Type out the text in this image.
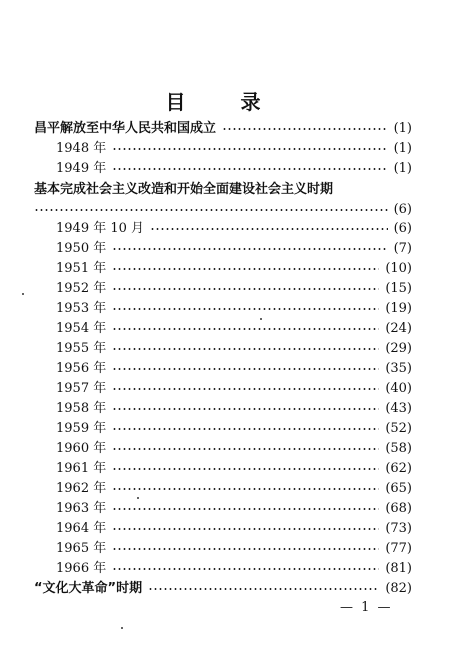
目 录
昌平解放至中华人民共和国成立	(1)
1948 年	(1)
1949 年	(1)
基本完成社会主义改造和开始全面建设社会主义时期
(6)
1949 年 10 月	(6)
1950 年	(7)
1951 年	(10)
1952 年	(15)
1953 年	(19)
1954 年	(24)
1955 年	(29)
1956 年	(35)
1957 年	(40)
1958 年	(43)
1959 年	(52)
1960 年	(58)
1961 年	(62)
1962 年	(65)
1963 年	(68)
1964 年	(73)
1965 年	(77)
1966 年	(81)
“文化大革命”时期	(82)
— 1 —
